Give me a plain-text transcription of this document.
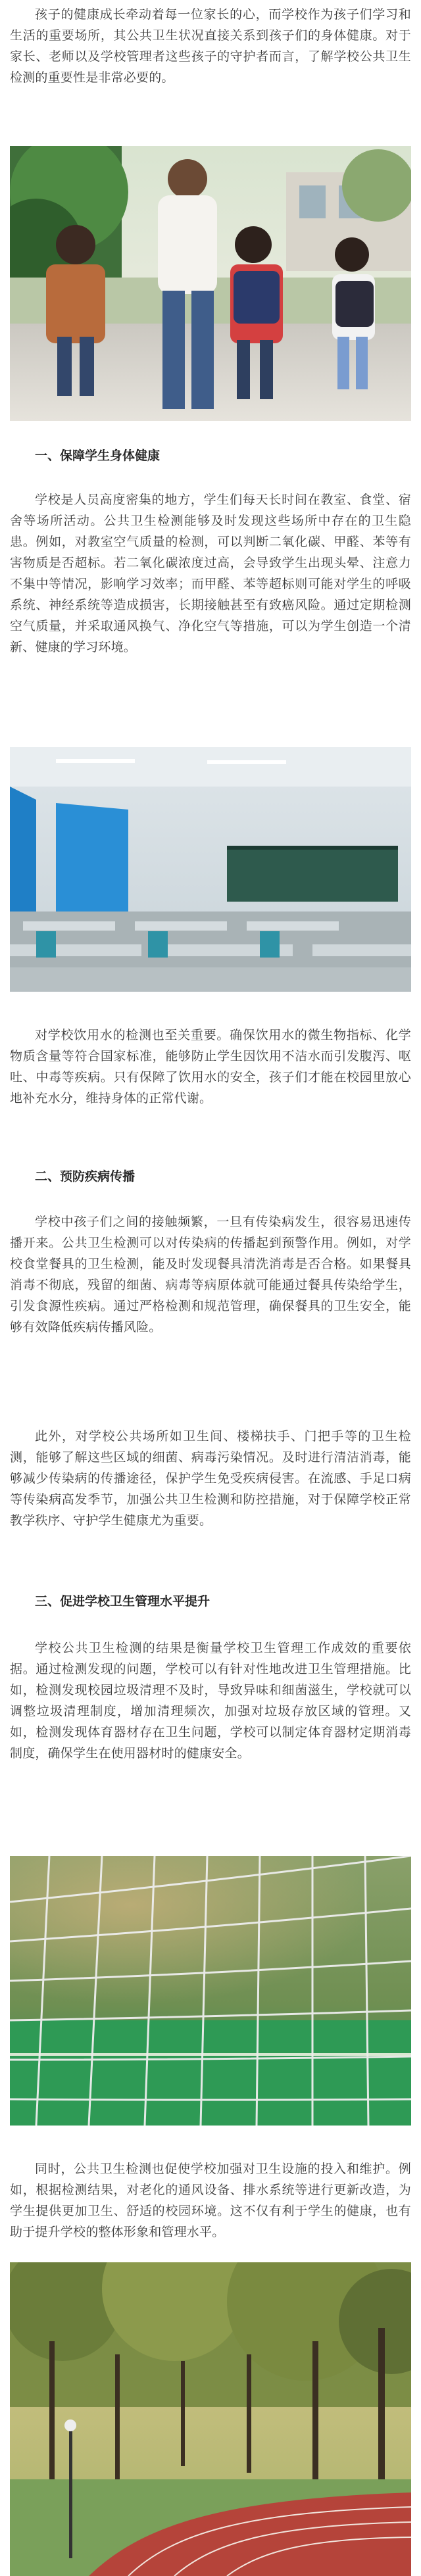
孩子的健康成长牵动着每一位家长的心，而学校作为孩子们学习和生活的重要场所，其公共卫生状况直接关系到孩子们的身体健康。对于家长、老师以及学校管理者这些孩子的守护者而言，了解学校公共卫生检测的重要性是非常必要的。

一、保障学生身体健康

学校是人员高度密集的地方，学生们每天长时间在教室、食堂、宿舍等场所活动。公共卫生检测能够及时发现这些场所中存在的卫生隐患。例如，对教室空气质量的检测，可以判断二氧化碳、甲醛、苯等有害物质是否超标。若二氧化碳浓度过高，会导致学生出现头晕、注意力不集中等情况，影响学习效率；而甲醛、苯等超标则可能对学生的呼吸系统、神经系统等造成损害，长期接触甚至有致癌风险。通过定期检测空气质量，并采取通风换气、净化空气等措施，可以为学生创造一个清新、健康的学习环境。

对学校饮用水的检测也至关重要。确保饮用水的微生物指标、化学物质含量等符合国家标准，能够防止学生因饮用不洁水而引发腹泻、呕吐、中毒等疾病。只有保障了饮用水的安全，孩子们才能在校园里放心地补充水分，维持身体的正常代谢。

二、预防疾病传播

学校中孩子们之间的接触频繁，一旦有传染病发生，很容易迅速传播开来。公共卫生检测可以对传染病的传播起到预警作用。例如，对学校食堂餐具的卫生检测，能及时发现餐具清洗消毒是否合格。如果餐具消毒不彻底，残留的细菌、病毒等病原体就可能通过餐具传染给学生，引发食源性疾病。通过严格检测和规范管理，确保餐具的卫生安全，能够有效降低疾病传播风险。

此外，对学校公共场所如卫生间、楼梯扶手、门把手等的卫生检测，能够了解这些区域的细菌、病毒污染情况。及时进行清洁消毒，能够减少传染病的传播途径，保护学生免受疾病侵害。在流感、手足口病等传染病高发季节，加强公共卫生检测和防控措施，对于保障学校正常教学秩序、守护学生健康尤为重要。

三、促进学校卫生管理水平提升

学校公共卫生检测的结果是衡量学校卫生管理工作成效的重要依据。通过检测发现的问题，学校可以有针对性地改进卫生管理措施。比如，检测发现校园垃圾清理不及时，导致异味和细菌滋生，学校就可以调整垃圾清理制度，增加清理频次，加强对垃圾存放区域的管理。又如，检测发现体育器材存在卫生问题，学校可以制定体育器材定期消毒制度，确保学生在使用器材时的健康安全。

同时，公共卫生检测也促使学校加强对卫生设施的投入和维护。例如，根据检测结果，对老化的通风设备、排水系统等进行更新改造，为学生提供更加卫生、舒适的校园环境。这不仅有利于学生的健康，也有助于提升学校的整体形象和管理水平。
